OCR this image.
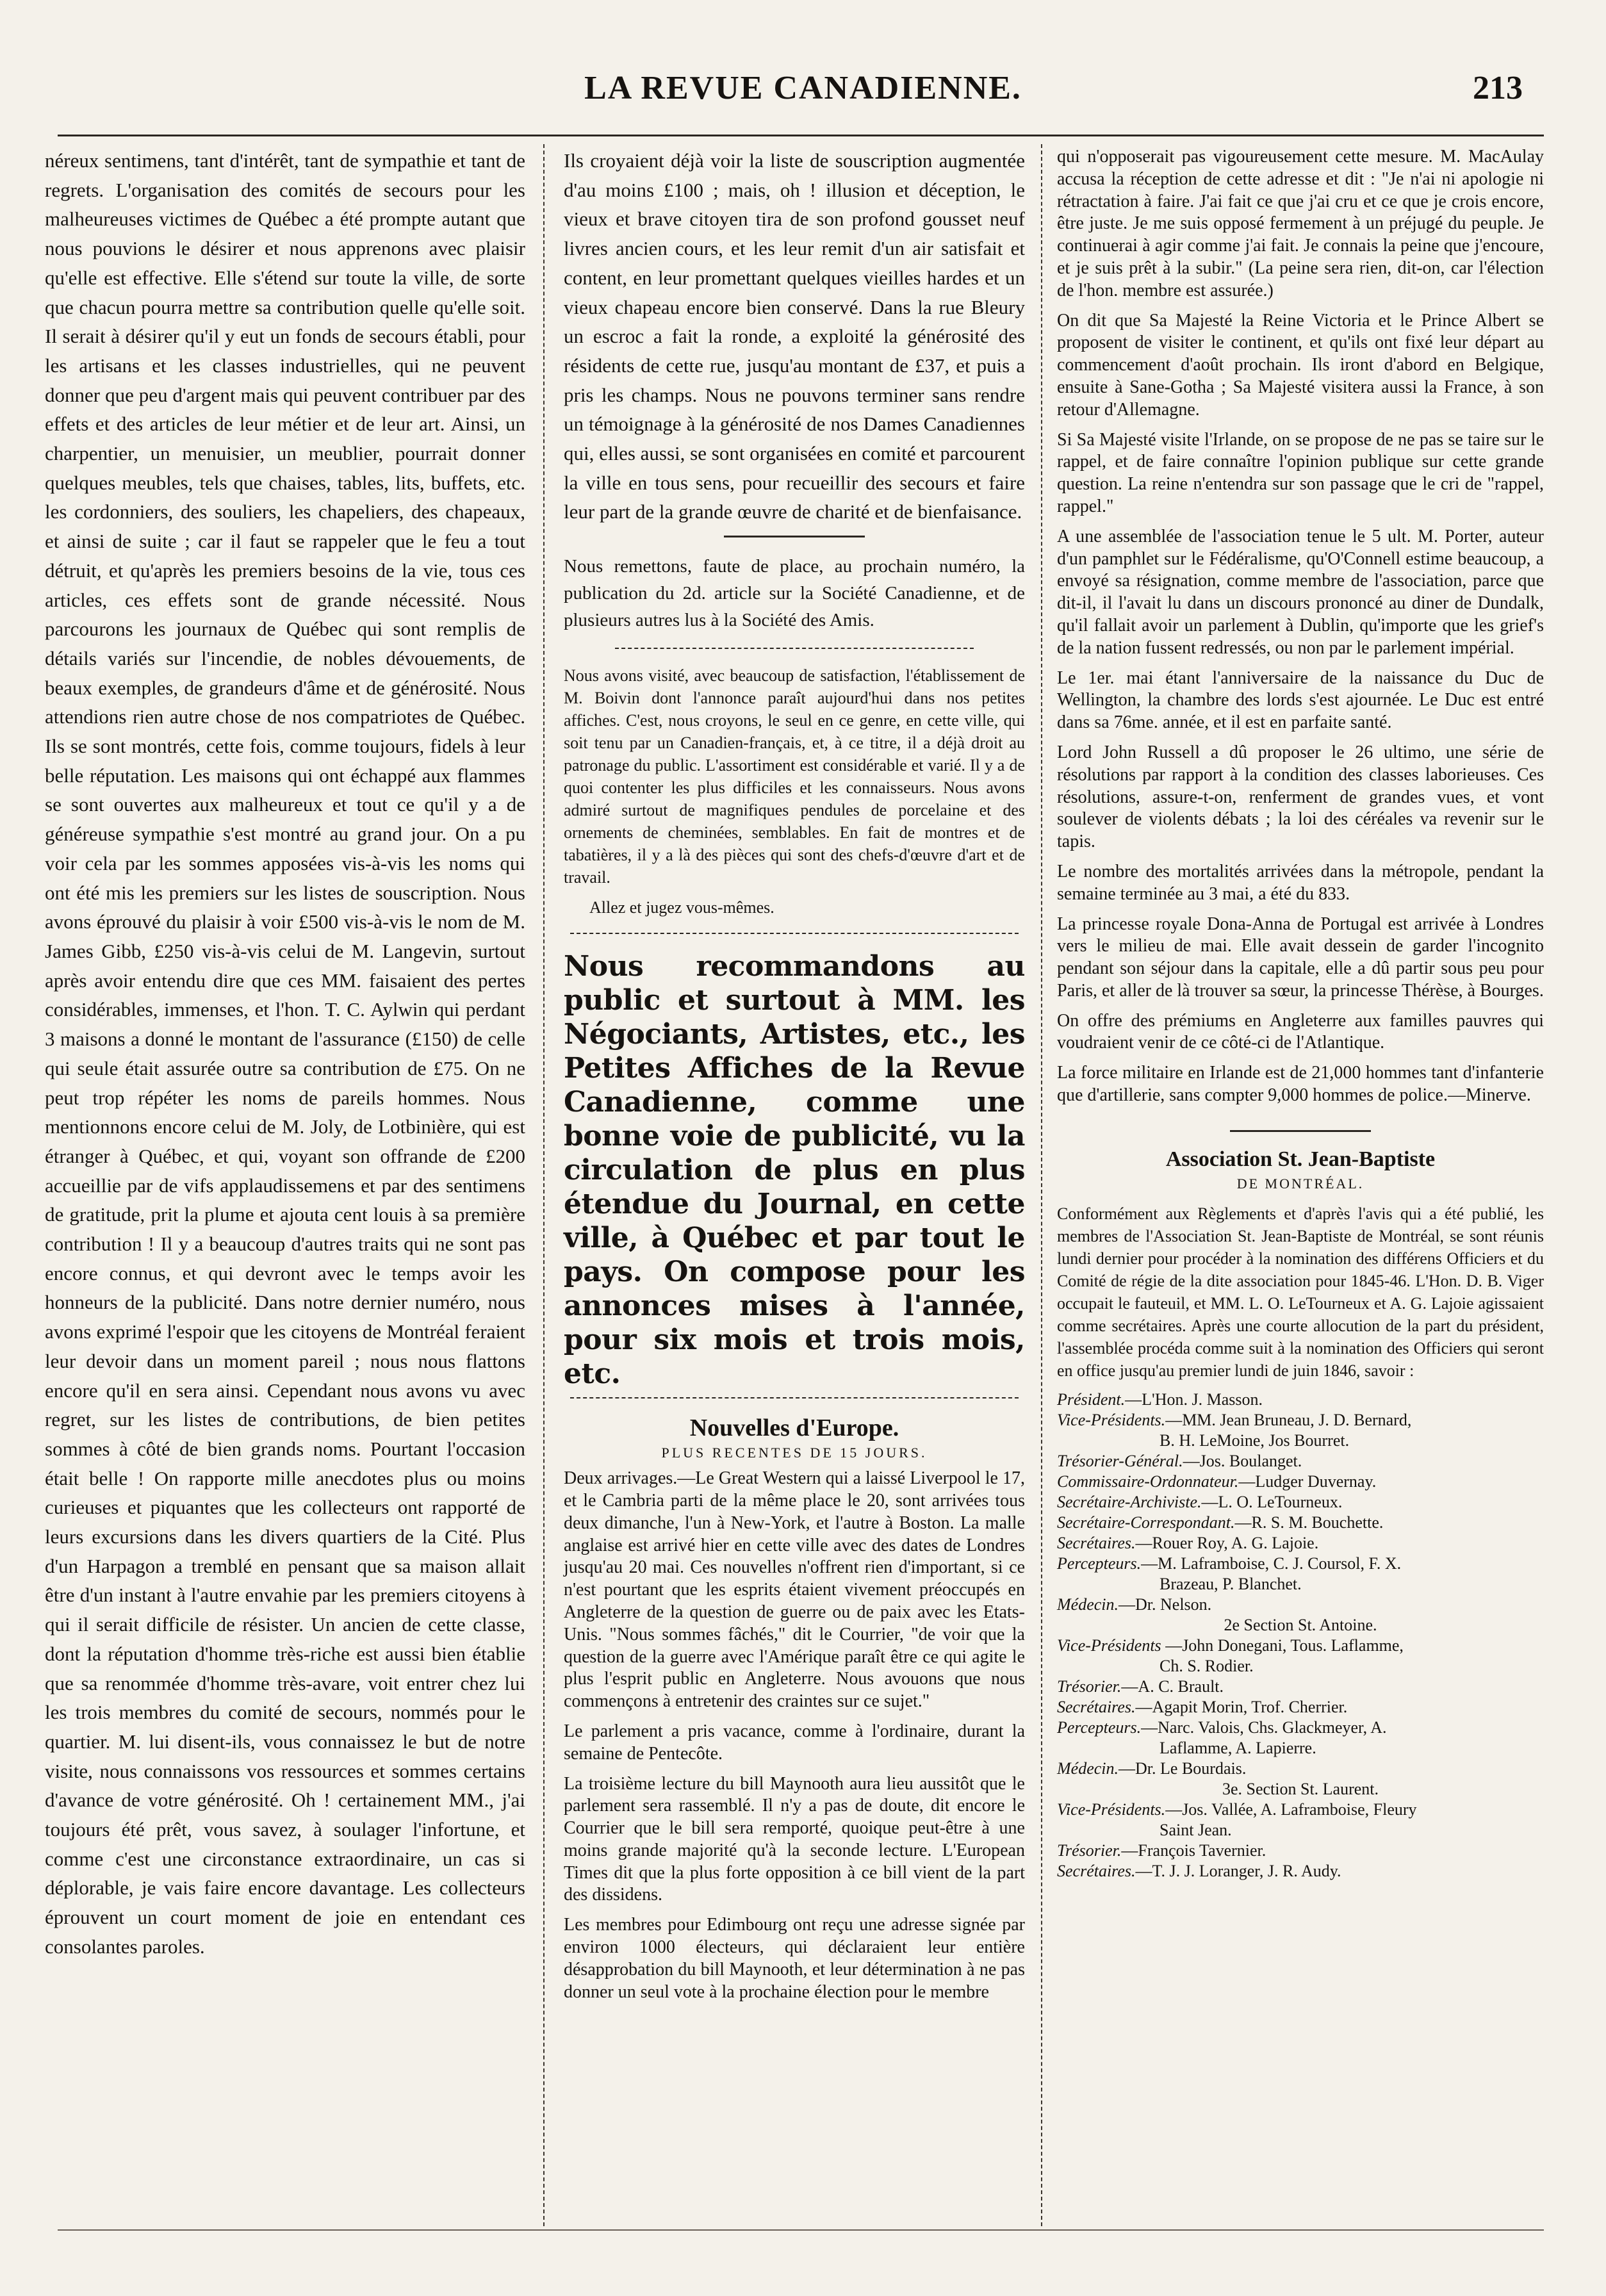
LA REVUE CANADIENNE.	213

néreux sentimens, tant d'intérêt, tant de sympathie et tant de regrets. L'organisation des comités de secours pour les malheureuses victimes de Québec a été prompte autant que nous pouvions le désirer et nous apprenons avec plaisir qu'elle est effective. Elle s'étend sur toute la ville, de sorte que chacun pourra mettre sa contribution quelle qu'elle soit. Il serait à désirer qu'il y eut un fonds de secours établi, pour les artisans et les classes industrielles, qui ne peuvent donner que peu d'argent mais qui peuvent contribuer par des effets et des articles de leur métier et de leur art. Ainsi, un charpentier, un menuisier, un meublier, pourrait donner quelques meubles, tels que chaises, tables, lits, buffets, etc. les cordonniers, des souliers, les chapeliers, des chapeaux, et ainsi de suite ; car il faut se rappeler que le feu a tout détruit, et qu'après les premiers besoins de la vie, tous ces articles, ces effets sont de grande nécessité. Nous parcourons les journaux de Québec qui sont remplis de détails variés sur l'incendie, de nobles dévouements, de beaux exemples, de grandeurs d'âme et de générosité. Nous attendions rien autre chose de nos compatriotes de Québec. Ils se sont montrés, cette fois, comme toujours, fidels à leur belle réputation. Les maisons qui ont échappé aux flammes se sont ouvertes aux malheureux et tout ce qu'il y a de généreuse sympathie s'est montré au grand jour. On a pu voir cela par les sommes apposées vis-à-vis les noms qui ont été mis les premiers sur les listes de souscription. Nous avons éprouvé du plaisir à voir £500 vis-à-vis le nom de M. James Gibb, £250 vis-à-vis celui de M. Langevin, surtout après avoir entendu dire que ces MM. faisaient des pertes considérables, immenses, et l'hon. T. C. Aylwin qui perdant 3 maisons a donné le montant de l'assurance (£150) de celle qui seule était assurée outre sa contribution de £75. On ne peut trop répéter les noms de pareils hommes. Nous mentionnons encore celui de M. Joly, de Lotbinière, qui est étranger à Québec, et qui, voyant son offrande de £200 accueillie par de vifs applaudissemens et par des sentimens de gratitude, prit la plume et ajouta cent louis à sa première contribution ! Il y a beaucoup d'autres traits qui ne sont pas encore connus, et qui devront avec le temps avoir les honneurs de la publicité. Dans notre dernier numéro, nous avons exprimé l'espoir que les citoyens de Montréal feraient leur devoir dans un moment pareil ; nous nous flattons encore qu'il en sera ainsi. Cependant nous avons vu avec regret, sur les listes de contributions, de bien petites sommes à côté de bien grands noms. Pourtant l'occasion était belle ! On rapporte mille anecdotes plus ou moins curieuses et piquantes que les collecteurs ont rapporté de leurs excursions dans les divers quartiers de la Cité. Plus d'un Harpagon a tremblé en pensant que sa maison allait être d'un instant à l'autre envahie par les premiers citoyens à qui il serait difficile de résister. Un ancien de cette classe, dont la réputation d'homme très-riche est aussi bien établie que sa renommée d'homme très-avare, voit entrer chez lui les trois membres du comité de secours, nommés pour le quartier. M. lui disent-ils, vous connaissez le but de notre visite, nous connaissons vos ressources et sommes certains d'avance de votre générosité. Oh ! certainement MM., j'ai toujours été prêt, vous savez, à soulager l'infortune, et comme c'est une circonstance extraordinaire, un cas si déplorable, je vais faire encore davantage. Les collecteurs éprouvent un court moment de joie en entendant ces consolantes paroles.

Ils croyaient déjà voir la liste de souscription augmentée d'au moins £100 ; mais, oh ! illusion et déception, le vieux et brave citoyen tira de son profond gousset neuf livres ancien cours, et les leur remit d'un air satisfait et content, en leur promettant quelques vieilles hardes et un vieux chapeau encore bien conservé. Dans la rue Bleury un escroc a fait la ronde, a exploité la générosité des résidents de cette rue, jusqu'au montant de £37, et puis a pris les champs. Nous ne pouvons terminer sans rendre un témoignage à la générosité de nos Dames Canadiennes qui, elles aussi, se sont organisées en comité et parcourent la ville en tous sens, pour recueillir des secours et faire leur part de la grande œuvre de charité et de bienfaisance.

Nous remettons, faute de place, au prochain numéro, la publication du 2d. article sur la Société Canadienne, et de plusieurs autres lus à la Société des Amis.

Nous avons visité, avec beaucoup de satisfaction, l'établissement de M. Boivin dont l'annonce paraît aujourd'hui dans nos petites affiches. C'est, nous croyons, le seul en ce genre, en cette ville, qui soit tenu par un Canadien-français, et, à ce titre, il a déjà droit au patronage du public. L'assortiment est considérable et varié. Il y a de quoi contenter les plus difficiles et les connaisseurs. Nous avons admiré surtout de magnifiques pendules de porcelaine et des ornements de cheminées, semblables. En fait de montres et de tabatières, il y a là des pièces qui sont des chefs-d'œuvre d'art et de travail.

Allez et jugez vous-mêmes.

Nous recommandons au public et surtout à MM. les Négociants, Artistes, etc., les Petites Affiches de la Revue Canadienne, comme une bonne voie de publicité, vu la circulation de plus en plus étendue du Journal, en cette ville, à Québec et par tout le pays. On compose pour les annonces mises à l'année, pour six mois et trois mois, etc.
Nouvelles d'Europe.
PLUS RECENTES DE 15 JOURS.

Deux arrivages.—Le Great Western qui a laissé Liverpool le 17, et le Cambria parti de la même place le 20, sont arrivées tous deux dimanche, l'un à New-York, et l'autre à Boston. La malle anglaise est arrivé hier en cette ville avec des dates de Londres jusqu'au 20 mai. Ces nouvelles n'offrent rien d'important, si ce n'est pourtant que les esprits étaient vivement préoccupés en Angleterre de la question de guerre ou de paix avec les Etats-Unis. "Nous sommes fâchés," dit le Courrier, "de voir que la question de la guerre avec l'Amérique paraît être ce qui agite le plus l'esprit public en Angleterre. Nous avouons que nous commençons à entretenir des craintes sur ce sujet."

Le parlement a pris vacance, comme à l'ordinaire, durant la semaine de Pentecôte.

La troisième lecture du bill Maynooth aura lieu aussitôt que le parlement sera rassemblé. Il n'y a pas de doute, dit encore le Courrier que le bill sera remporté, quoique peut-être à une moins grande majorité qu'à la seconde lecture. L'European Times dit que la plus forte opposition à ce bill vient de la part des dissidens.

Les membres pour Edimbourg ont reçu une adresse signée par environ 1000 électeurs, qui déclaraient leur entière désapprobation du bill Maynooth, et leur détermination à ne pas donner un seul vote à la prochaine élection pour le membre

qui n'opposerait pas vigoureusement cette mesure. M. MacAulay accusa la réception de cette adresse et dit : "Je n'ai ni apologie ni rétractation à faire. J'ai fait ce que j'ai cru et ce que je crois encore, être juste. Je me suis opposé fermement à un préjugé du peuple. Je continuerai à agir comme j'ai fait. Je connais la peine que j'encoure, et je suis prêt à la subir." (La peine sera rien, dit-on, car l'élection de l'hon. membre est assurée.)

On dit que Sa Majesté la Reine Victoria et le Prince Albert se proposent de visiter le continent, et qu'ils ont fixé leur départ au commencement d'août prochain. Ils iront d'abord en Belgique, ensuite à Sane-Gotha ; Sa Majesté visitera aussi la France, à son retour d'Allemagne.

Si Sa Majesté visite l'Irlande, on se propose de ne pas se taire sur le rappel, et de faire connaître l'opinion publique sur cette grande question. La reine n'entendra sur son passage que le cri de "rappel, rappel."

A une assemblée de l'association tenue le 5 ult. M. Porter, auteur d'un pamphlet sur le Fédéralisme, qu'O'Connell estime beaucoup, a envoyé sa résignation, comme membre de l'association, parce que dit-il, il l'avait lu dans un discours prononcé au diner de Dundalk, qu'il fallait avoir un parlement à Dublin, qu'importe que les grief's de la nation fussent redressés, ou non par le parlement impérial.

Le 1er. mai étant l'anniversaire de la naissance du Duc de Wellington, la chambre des lords s'est ajournée. Le Duc est entré dans sa 76me. année, et il est en parfaite santé.

Lord John Russell a dû proposer le 26 ultimo, une série de résolutions par rapport à la condition des classes laborieuses. Ces résolutions, assure-t-on, renferment de grandes vues, et vont soulever de violents débats ; la loi des céréales va revenir sur le tapis.

Le nombre des mortalités arrivées dans la métropole, pendant la semaine terminée au 3 mai, a été du 833.

La princesse royale Dona-Anna de Portugal est arrivée à Londres vers le milieu de mai. Elle avait dessein de garder l'incognito pendant son séjour dans la capitale, elle a dû partir sous peu pour Paris, et aller de là trouver sa sœur, la princesse Thérèse, à Bourges.

On offre des prémiums en Angleterre aux familles pauvres qui voudraient venir de ce côté-ci de l'Atlantique.

La force militaire en Irlande est de 21,000 hommes tant d'infanterie que d'artillerie, sans compter 9,000 hommes de police.—Minerve.

Association St. Jean-Baptiste
DE MONTRÉAL.

Conformément aux Règlements et d'après l'avis qui a été publié, les membres de l'Association St. Jean-Baptiste de Montréal, se sont réunis lundi dernier pour procéder à la nomination des différens Officiers et du Comité de régie de la dite association pour 1845-46. L'Hon. D. B. Viger occupait le fauteuil, et MM. L. O. LeTourneux et A. G. Lajoie agissaient comme secrétaires. Après une courte allocution de la part du président, l'assemblée procéda comme suit à la nomination des Officiers qui seront en office jusqu'au premier lundi de juin 1846, savoir :

Président.—L'Hon. J. Masson.
Vice-Présidents.—MM. Jean Bruneau, J. D. Bernard,
B. H. LeMoine, Jos Bourret.
Trésorier-Général.—Jos. Boulanget.
Commissaire-Ordonnateur.—Ludger Duvernay.
Secrétaire-Archiviste.—L. O. LeTourneux.
Secrétaire-Correspondant.—R. S. M. Bouchette.
Secrétaires.—Rouer Roy, A. G. Lajoie.
Percepteurs.—M. Laframboise, C. J. Coursol, F. X.
Brazeau, P. Blanchet.
Médecin.—Dr. Nelson.
2e Section St. Antoine.
Vice-Présidents —John Donegani, Tous. Laflamme,
Ch. S. Rodier.
Trésorier.—A. C. Brault.
Secrétaires.—Agapit Morin, Trof. Cherrier.
Percepteurs.—Narc. Valois, Chs. Glackmeyer, A.
Laflamme, A. Lapierre.
Médecin.—Dr. Le Bourdais.
3e. Section St. Laurent.
Vice-Présidents.—Jos. Vallée, A. Laframboise, Fleury
Saint Jean.
Trésorier.—François Tavernier.
Secrétaires.—T. J. J. Loranger, J. R. Audy.
